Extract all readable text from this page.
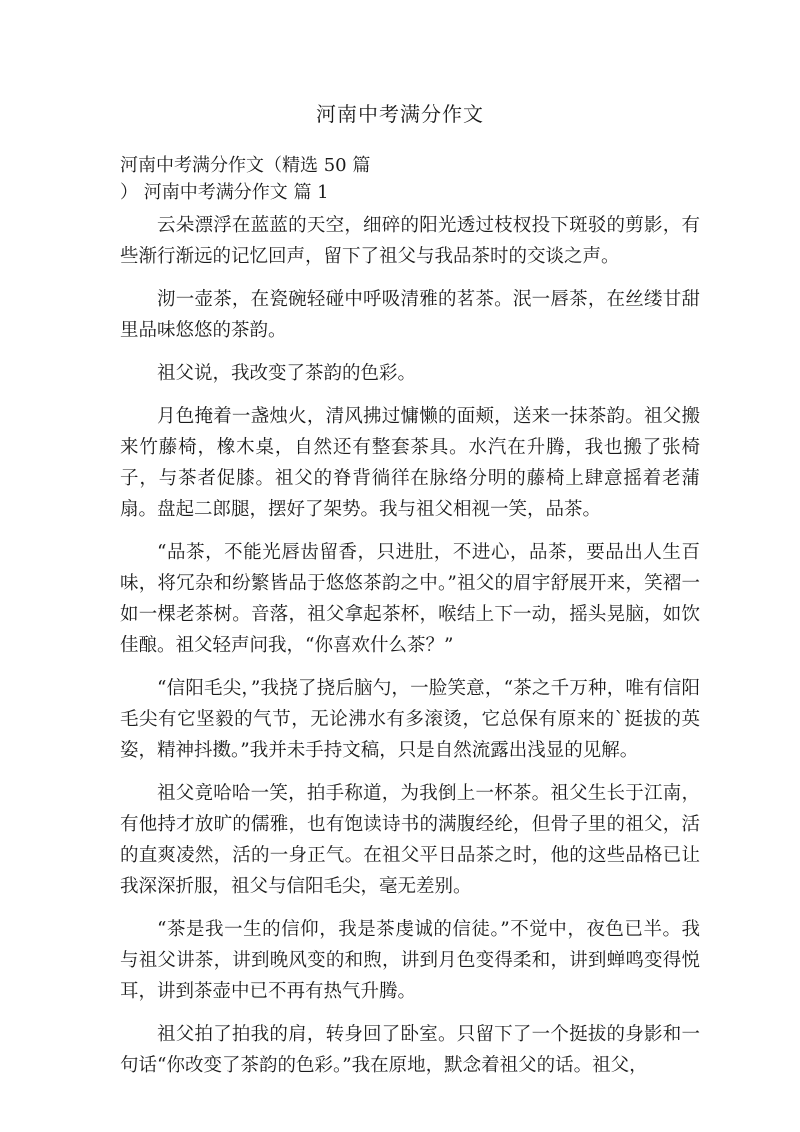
河南中考满分作文
河南中考满分作文（精选 50 篇
） 河南中考满分作文 篇 1

云朵漂浮在蓝蓝的天空，细碎的阳光透过枝杈投下斑驳的剪影，有些渐行渐远的记忆回声，留下了祖父与我品茶时的交谈之声。

沏一壶茶，在瓷碗轻碰中呼吸清雅的茗茶。泯一唇茶，在丝缕甘甜里品味悠悠的茶韵。

祖父说，我改变了茶韵的色彩。

月色掩着一盏烛火，清风拂过慵懒的面颊，送来一抹茶韵。祖父搬来竹藤椅，橡木桌，自然还有整套茶具。水汽在升腾，我也搬了张椅子，与茶者促膝。祖父的脊背徜徉在脉络分明的藤椅上肆意摇着老蒲扇。盘起二郎腿，摆好了架势。我与祖父相视一笑，品茶。

“品茶，不能光唇齿留香，只进肚，不进心，品茶，要品出人生百味，将冗杂和纷繁皆品于悠悠茶韵之中。”祖父的眉宇舒展开来，笑褶一如一棵老茶树。音落，祖父拿起茶杯，喉结上下一动，摇头晃脑，如饮佳酿。祖父轻声问我，“你喜欢什么茶？”

“信阳毛尖，”我挠了挠后脑勺，一脸笑意，“茶之千万种，唯有信阳毛尖有它坚毅的气节，无论沸水有多滚烫，它总保有原来的`挺拔的英姿，精神抖擞。”我并未手持文稿，只是自然流露出浅显的见解。

祖父竟哈哈一笑，拍手称道，为我倒上一杯茶。祖父生长于江南，有他持才放旷的儒雅，也有饱读诗书的满腹经纶，但骨子里的祖父，活的直爽凌然，活的一身正气。在祖父平日品茶之时，他的这些品格已让我深深折服，祖父与信阳毛尖，毫无差别。

“茶是我一生的信仰，我是茶虔诚的信徒。”不觉中，夜色已半。我与祖父讲茶，讲到晚风变的和煦，讲到月色变得柔和，讲到蝉鸣变得悦耳，讲到茶壶中已不再有热气升腾。

祖父拍了拍我的肩，转身回了卧室。只留下了一个挺拔的身影和一句话“你改变了茶韵的色彩。”我在原地，默念着祖父的话。祖父，
